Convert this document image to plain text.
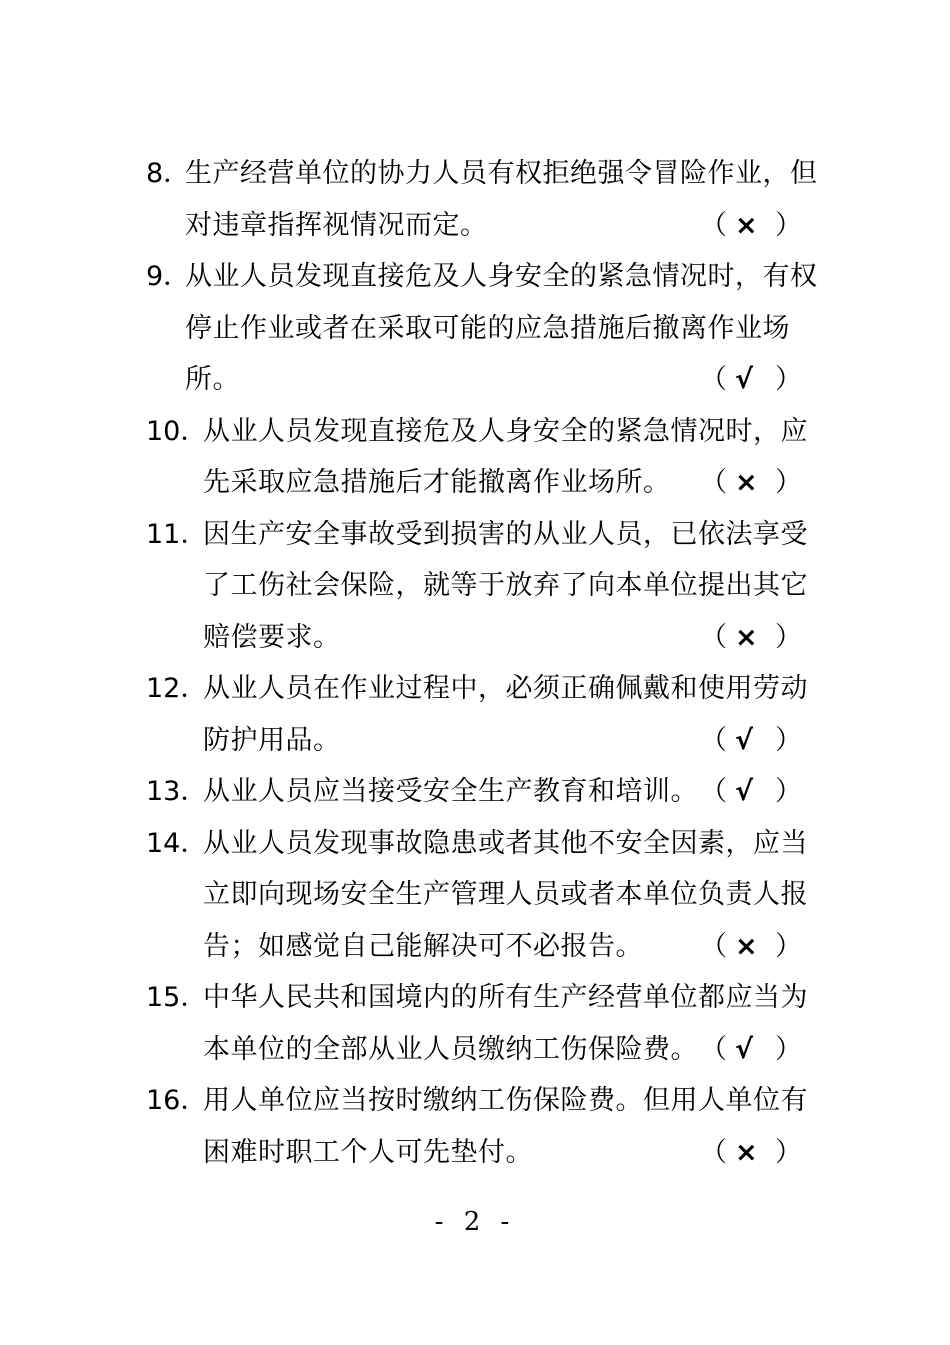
8．
生产经营单位的协力人员有权拒绝强令冒险作业，但
对违章指挥视情况而定。	（ × ）
9．
从业人员发现直接危及人身安全的紧急情况时，有权
停止作业或者在采取可能的应急措施后撤离作业场
所。	（ √ ）
10．
从业人员发现直接危及人身安全的紧急情况时，应
先采取应急措施后才能撤离作业场所。 （ × ）
11．
因生产安全事故受到损害的从业人员，已依法享受
了工伤社会保险，就等于放弃了向本单位提出其它
赔偿要求。	（ × ）
12．
从业人员在作业过程中，必须正确佩戴和使用劳动
防护用品。	（ √ ）
13．
从业人员应当接受安全生产教育和培训。 （ √ ）
14．
从业人员发现事故隐患或者其他不安全因素，应当
立即向现场安全生产管理人员或者本单位负责人报
告；如感觉自己能解决可不必报告。 （ × ）
15．
中华人民共和国境内的所有生产经营单位都应当为
本单位的全部从业人员缴纳工伤保险费。 （ √ ）
16．
用人单位应当按时缴纳工伤保险费。但用人单位有
困难时职工个人可先垫付。	（ × ）
- 2 -
